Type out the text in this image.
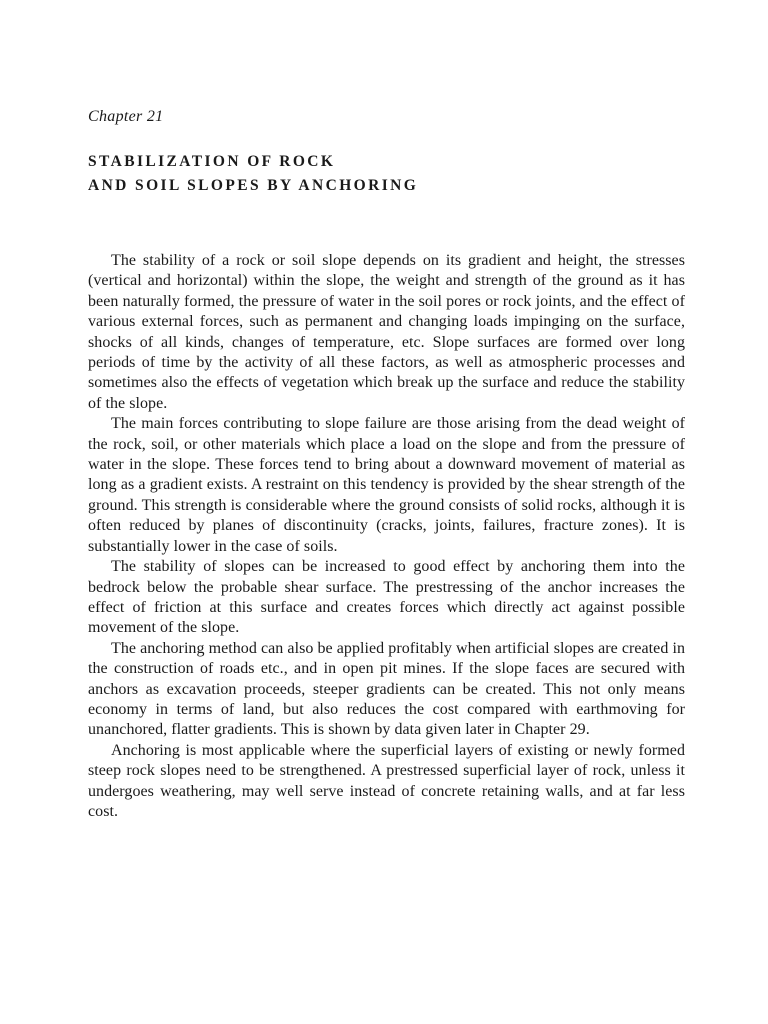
Chapter 21

STABILIZATION OF ROCK
AND SOIL SLOPES BY ANCHORING

The stability of a rock or soil slope depends on its gradient and height, the stresses (vertical and horizontal) within the slope, the weight and strength of the ground as it has been naturally formed, the pressure of water in the soil pores or rock joints, and the effect of various external forces, such as permanent and changing loads impinging on the surface, shocks of all kinds, changes of temperature, etc. Slope surfaces are formed over long periods of time by the activity of all these factors, as well as atmospheric processes and sometimes also the effects of vegetation which break up the surface and reduce the stability of the slope.

The main forces contributing to slope failure are those arising from the dead weight of the rock, soil, or other materials which place a load on the slope and from the pressure of water in the slope. These forces tend to bring about a downward movement of material as long as a gradient exists. A restraint on this tendency is provided by the shear strength of the ground. This strength is considerable where the ground consists of solid rocks, although it is often reduced by planes of discontinuity (cracks, joints, failures, fracture zones). It is substantially lower in the case of soils.

The stability of slopes can be increased to good effect by anchoring them into the bedrock below the probable shear surface. The prestressing of the anchor increases the effect of friction at this surface and creates forces which directly act against possible movement of the slope.

The anchoring method can also be applied profitably when artificial slopes are created in the construction of roads etc., and in open pit mines. If the slope faces are secured with anchors as excavation proceeds, steeper gradients can be created. This not only means economy in terms of land, but also reduces the cost compared with earthmoving for unanchored, flatter gradients. This is shown by data given later in Chapter 29.

Anchoring is most applicable where the superficial layers of existing or newly formed steep rock slopes need to be strengthened. A prestressed superficial layer of rock, unless it undergoes weathering, may well serve instead of concrete retaining walls, and at far less cost.
